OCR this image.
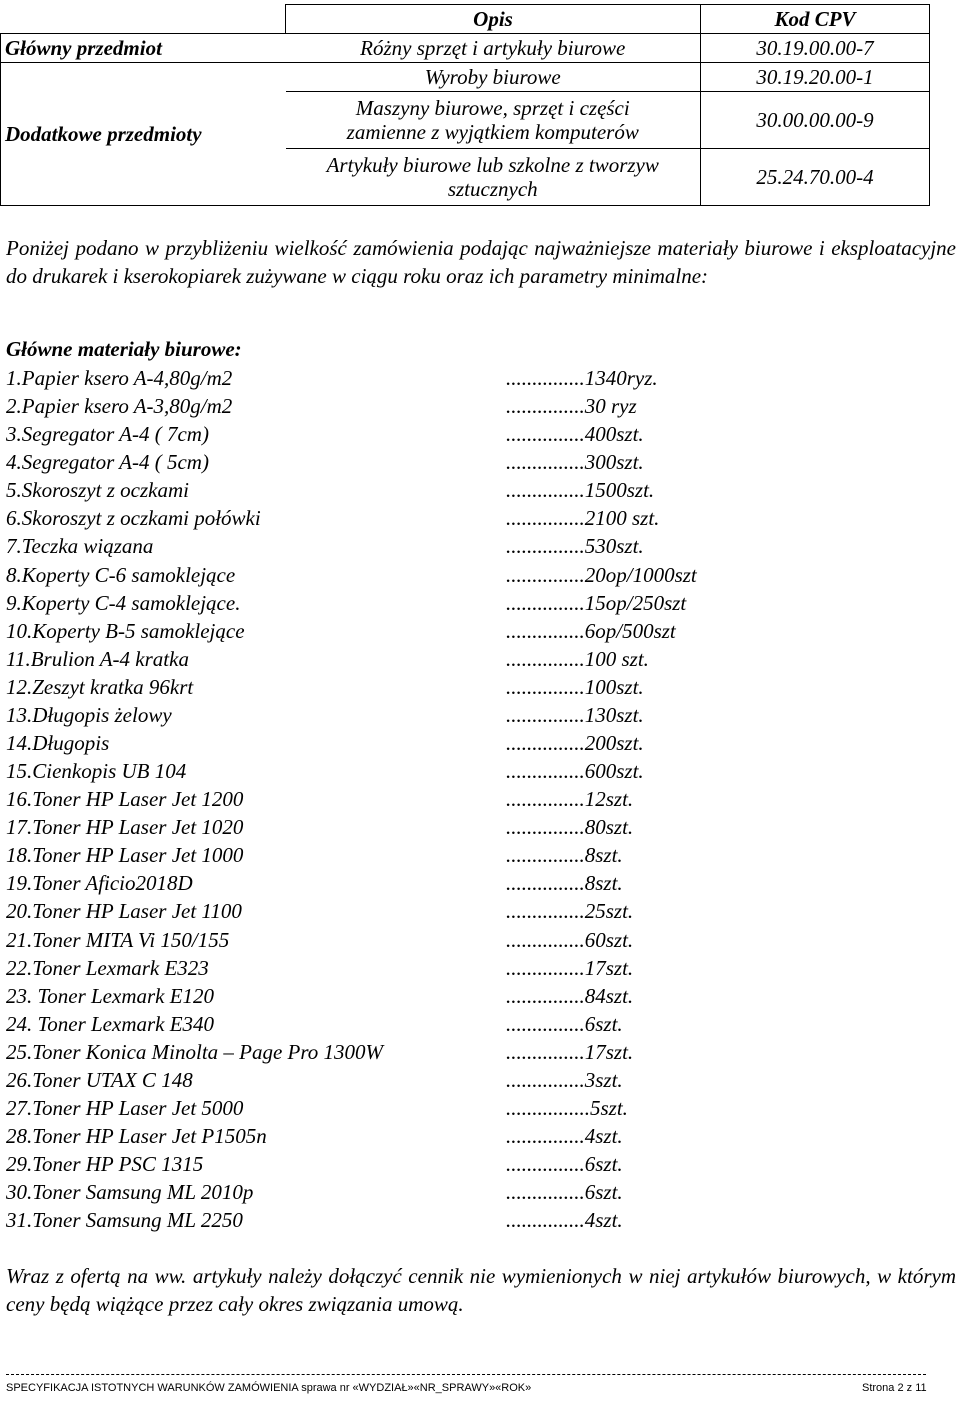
	Opis	Kod CPV
Główny przedmiot	Różny sprzęt i artykuły biurowe	30.19.00.00-7
Dodatkowe przedmioty	Wyroby biurowe	30.19.20.00-1

	Maszyny biurowe, sprzęt i części
zamienne z wyjątkiem komputerów	30.00.00.00-9

	Artykuły biurowe lub szkolne z tworzyw
sztucznych	25.24.70.00-4
Poniżej podano w przybliżeniu wielkość zamówienia podając najważniejsze materiały biurowe i eksploatacyjne do drukarek i kserokopiarek zużywane w ciągu roku oraz ich parametry minimalne:
Główne materiały biurowe:
1.Papier ksero A-4,80g/m2	...............1340ryz.
2.Papier ksero A-3,80g/m2	...............30 ryz
3.Segregator A-4 ( 7cm)	...............400szt.
4.Segregator A-4 ( 5cm)	...............300szt.
5.Skoroszyt z oczkami	...............1500szt.
6.Skoroszyt z oczkami połówki	...............2100 szt.
7.Teczka wiązana	...............530szt.
8.Koperty C-6 samoklejące	...............20op/1000szt
9.Koperty C-4 samoklejące.	...............15op/250szt
10.Koperty B-5 samoklejące	...............6op/500szt
11.Brulion A-4 kratka	...............100 szt.
12.Zeszyt kratka 96krt	...............100szt.
13.Długopis żelowy	...............130szt.
14.Długopis	...............200szt.
15.Cienkopis UB 104	...............600szt.
16.Toner HP Laser Jet 1200	...............12szt.
17.Toner HP Laser Jet 1020	...............80szt.
18.Toner HP Laser Jet 1000	...............8szt.
19.Toner Aficio2018D	...............8szt.
20.Toner HP Laser Jet 1100	...............25szt.
21.Toner MITA Vi 150/155	...............60szt.
22.Toner Lexmark E323	...............17szt.
23. Toner Lexmark E120	...............84szt.
24. Toner Lexmark E340	...............6szt.
25.Toner Konica Minolta – Page Pro 1300W	...............17szt.
26.Toner UTAX C 148	...............3szt.
27.Toner HP Laser Jet 5000	................5szt.
28.Toner HP Laser Jet P1505n	...............4szt.
29.Toner HP PSC 1315	...............6szt.
30.Toner Samsung ML 2010p	...............6szt.
31.Toner Samsung ML 2250	...............4szt.
Wraz z ofertą na ww. artykuły należy dołączyć cennik nie wymienionych w niej artykułów biurowych, w którym ceny będą wiążące przez cały okres związania umową.
SPECYFIKACJA ISTOTNYCH WARUNKÓW ZAMÓWIENIA sprawa nr «WYDZIAŁ»«NR_SPRAWY»«ROK»	Strona 2 z 11
